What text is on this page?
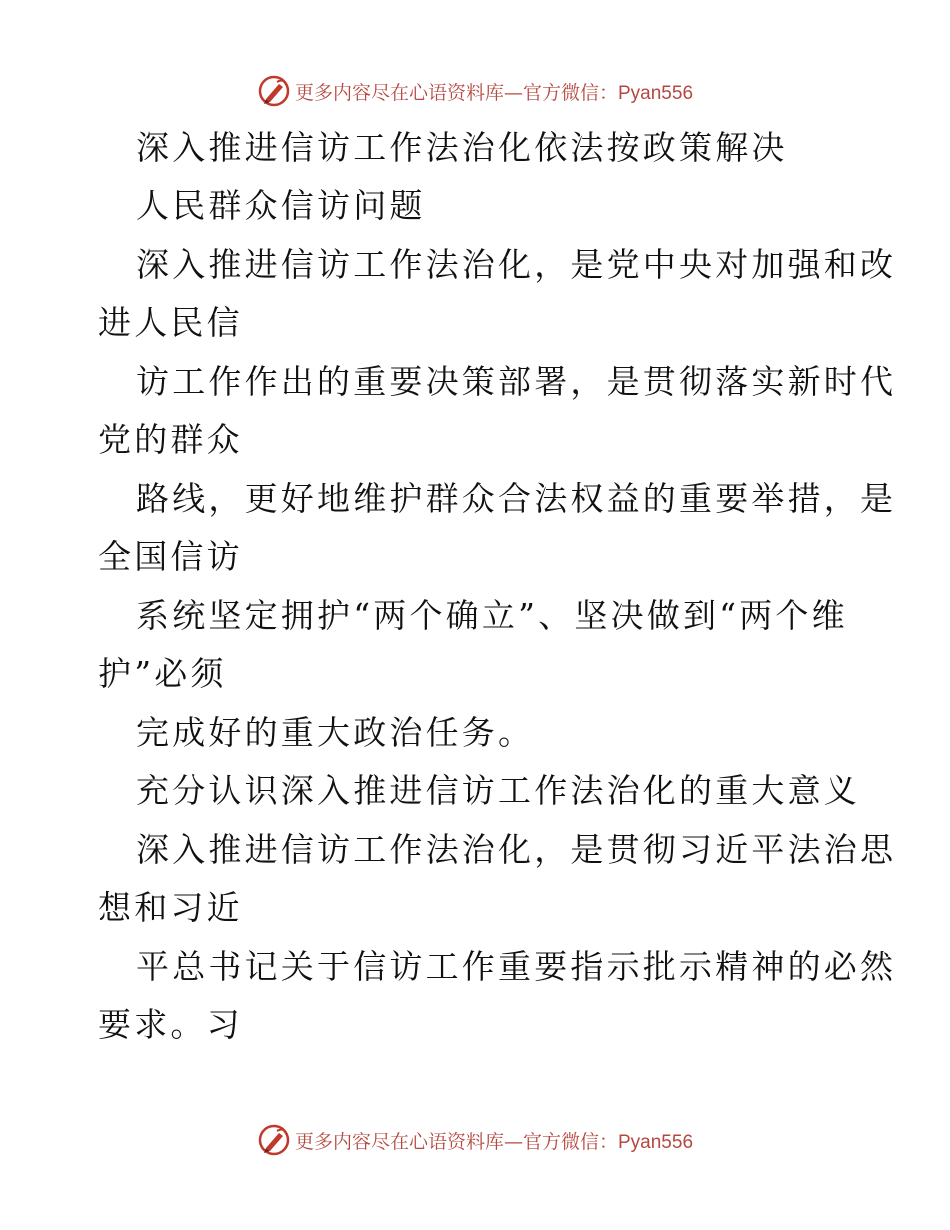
更多内容尽在心语资料库—官方微信：Pyan556
深入推进信访工作法治化依法按政策解决
人民群众信访问题
深入推进信访工作法治化，是党中央对加强和改
进人民信
访工作作出的重要决策部署，是贯彻落实新时代
党的群众
路线，更好地维护群众合法权益的重要举措，是
全国信访
系统坚定拥护“两个确立”、坚决做到“两个维
护”必须
完成好的重大政治任务。
充分认识深入推进信访工作法治化的重大意义
深入推进信访工作法治化，是贯彻习近平法治思
想和习近
平总书记关于信访工作重要指示批示精神的必然
要求。习
更多内容尽在心语资料库—官方微信：Pyan556
